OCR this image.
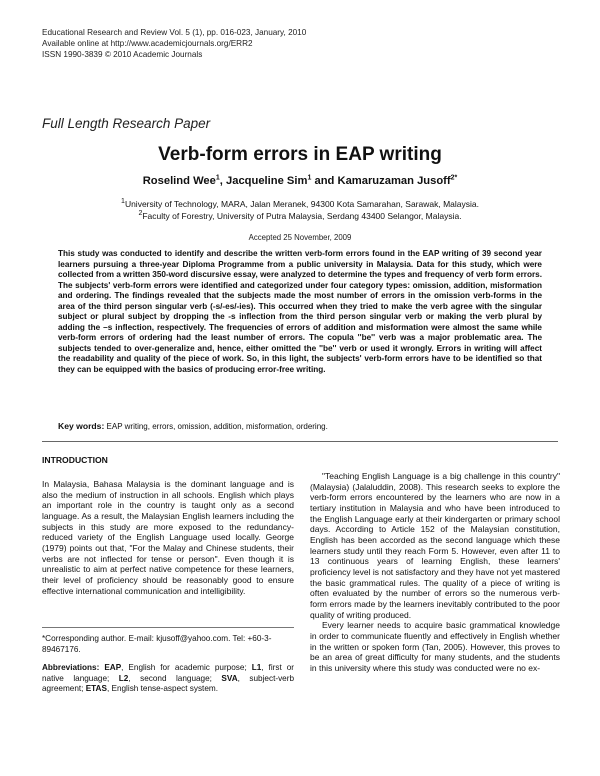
Educational Research and Review Vol. 5 (1), pp. 016-023, January, 2010
Available online at http://www.academicjournals.org/ERR2
ISSN 1990-3839 © 2010 Academic Journals
Full Length Research Paper
Verb-form errors in EAP writing
Roselind Wee$^1$, Jacqueline Sim$^1$ and Kamaruzaman Jusoff$^{2*}$
$^1$University of Technology, MARA, Jalan Meranek, 94300 Kota Samarahan, Sarawak, Malaysia.
$^2$Faculty of Forestry, University of Putra Malaysia, Serdang 43400 Selangor, Malaysia.
Accepted 25 November, 2009
This study was conducted to identify and describe the written verb-form errors found in the EAP writing of 39 second year learners pursuing a three-year Diploma Programme from a public university in Malaysia. Data for this study, which were collected from a written 350-word discursive essay, were analyzed to determine the types and frequency of verb form errors. The subjects' verb-form errors were identified and categorized under four category types: omission, addition, misformation and ordering. The findings revealed that the subjects made the most number of errors in the omission verb-forms in the area of the third person singular verb (-s/-es/-ies). This occurred when they tried to make the verb agree with the singular subject or plural subject by dropping the -s inflection from the third person singular verb or making the verb plural by adding the –s inflection, respectively. The frequencies of errors of addition and misformation were almost the same while verb-form errors of ordering had the least number of errors. The copula ''be'' verb was a major problematic area. The subjects tended to over-generalize and, hence, either omitted the ''be'' verb or used it wrongly. Errors in writing will affect the readability and quality of the piece of work. So, in this light, the subjects' verb-form errors have to be identified so that they can be equipped with the basics of producing error-free writing.
Key words: EAP writing, errors, omission, addition, misformation, ordering.
INTRODUCTION

In Malaysia, Bahasa Malaysia is the dominant language and is also the medium of instruction in all schools. English which plays an important role in the country is taught only as a second language. As a result, the Malaysian English learners including the subjects in this study are more exposed to the redundancy-reduced variety of the English Language used locally. George (1979) points out that, "For the Malay and Chinese students, their verbs are not inflected for tense or person". Even though it is unrealistic to aim at perfect native competence for these learners, their level of proficiency should be reasonably good to ensure effective international communication and intelligibility.

"Teaching English Language is a big challenge in this country" (Malaysia) (Jalaluddin, 2008). This research seeks to explore the verb-form errors encountered by the learners who are now in a tertiary institution in Malaysia and who have been introduced to the English Language early at their kindergarten or primary school days. According to Article 152 of the Malaysian constitution, English has been accorded as the second language which these learners study until they reach Form 5. However, even after 11 to 13 continuous years of learning English, these learners' proficiency level is not satisfactory and they have not yet mastered the basic grammatical rules. The quality of a piece of writing is often evaluated by the number of errors so the numerous verb-form errors made by the learners inevitably contributed to the poor quality of writing produced.

Every learner needs to acquire basic grammatical knowledge in order to communicate fluently and effectively in English whether in the written or spoken form (Tan, 2005). However, this proves to be an area of great difficulty for many students, and the students in this university where this study was conducted were no ex-

*Corresponding author. E-mail: kjusoff@yahoo.com. Tel: +60-3-89467176.
Abbreviations: EAP, English for academic purpose; L1, first or native language; L2, second language; SVA, subject-verb agreement; ETAS, English tense-aspect system.
